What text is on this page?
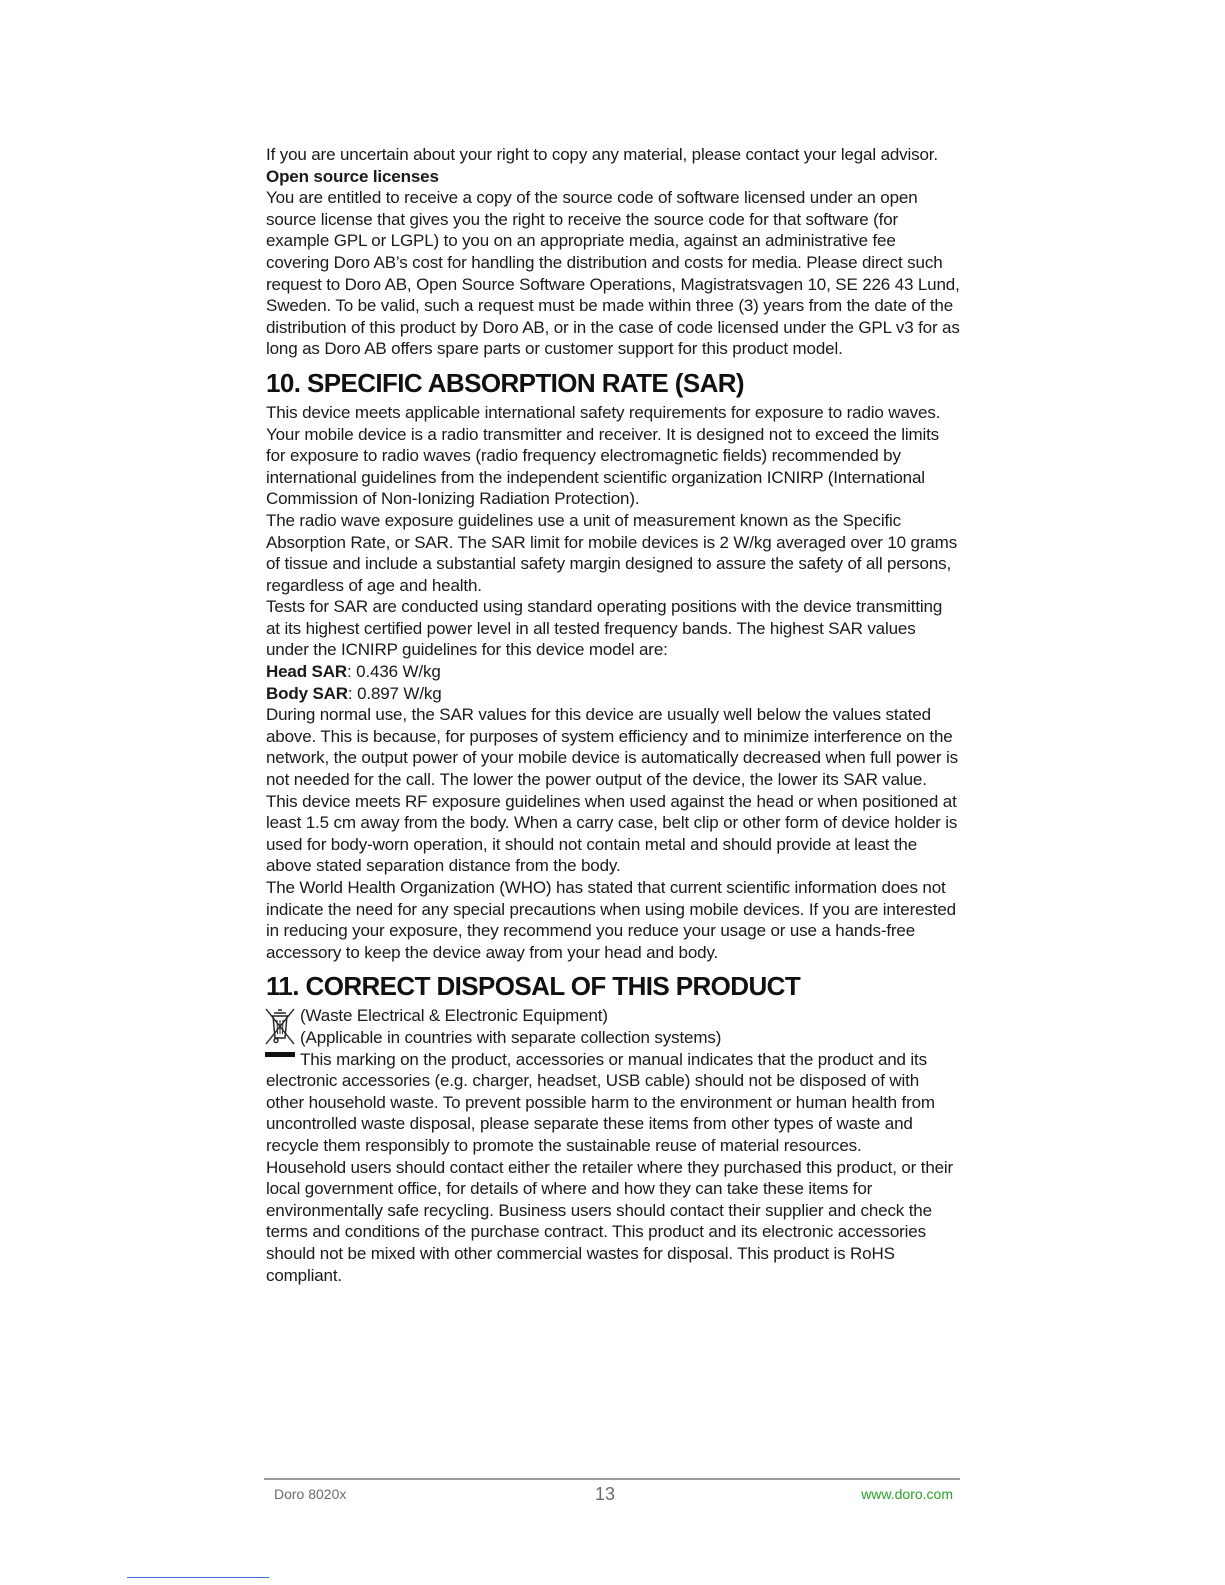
If you are uncertain about your right to copy any material, please contact your legal advisor.

Open source licenses

You are entitled to receive a copy of the source code of software licensed under an open source license that gives you the right to receive the source code for that software (for example GPL or LGPL) to you on an appropriate media, against an administrative fee covering Doro AB’s cost for handling the distribution and costs for media. Please direct such request to Doro AB, Open Source Software Operations, Magistratsvagen 10, SE 226 43 Lund, Sweden. To be valid, such a request must be made within three (3) years from the date of the distribution of this product by Doro AB, or in the case of code licensed under the GPL v3 for as long as Doro AB offers spare parts or customer support for this product model.

10. SPECIFIC ABSORPTION RATE (SAR)

This device meets applicable international safety requirements for exposure to radio waves. Your mobile device is a radio transmitter and receiver. It is designed not to exceed the limits for exposure to radio waves (radio frequency electromagnetic fields) recommended by international guidelines from the independent scientific organization ICNIRP (International Commission of Non-Ionizing Radiation Protection).

The radio wave exposure guidelines use a unit of measurement known as the Specific Absorption Rate, or SAR. The SAR limit for mobile devices is 2 W/kg averaged over 10 grams of tissue and include a substantial safety margin designed to assure the safety of all persons, regardless of age and health.

Tests for SAR are conducted using standard operating positions with the device transmitting at its highest certified power level in all tested frequency bands. The highest SAR values under the ICNIRP guidelines for this device model are:

Head SAR: 0.436 W/kg

Body SAR: 0.897 W/kg

During normal use, the SAR values for this device are usually well below the values stated above. This is because, for purposes of system efficiency and to minimize interference on the network, the output power of your mobile device is automatically decreased when full power is not needed for the call. The lower the power output of the device, the lower its SAR value.

This device meets RF exposure guidelines when used against the head or when positioned at least 1.5 cm away from the body. When a carry case, belt clip or other form of device holder is used for body-worn operation, it should not contain metal and should provide at least the above stated separation distance from the body.

The World Health Organization (WHO) has stated that current scientific information does not indicate the need for any special precautions when using mobile devices. If you are interested in reducing your exposure, they recommend you reduce your usage or use a hands-free accessory to keep the device away from your head and body.

11. CORRECT DISPOSAL OF THIS PRODUCT

(Waste Electrical & Electronic Equipment)

(Applicable in countries with separate collection systems)

This marking on the product, accessories or manual indicates that the product and its electronic accessories (e.g. charger, headset, USB cable) should not be disposed of with other household waste. To prevent possible harm to the environment or human health from uncontrolled waste disposal, please separate these items from other types of waste and recycle them responsibly to promote the sustainable reuse of material resources.

Household users should contact either the retailer where they purchased this product, or their local government office, for details of where and how they can take these items for environmentally safe recycling. Business users should contact their supplier and check the terms and conditions of the purchase contract. This product and its electronic accessories should not be mixed with other commercial wastes for disposal. This product is RoHS compliant.

Doro 8020x	13	www.doro.com
